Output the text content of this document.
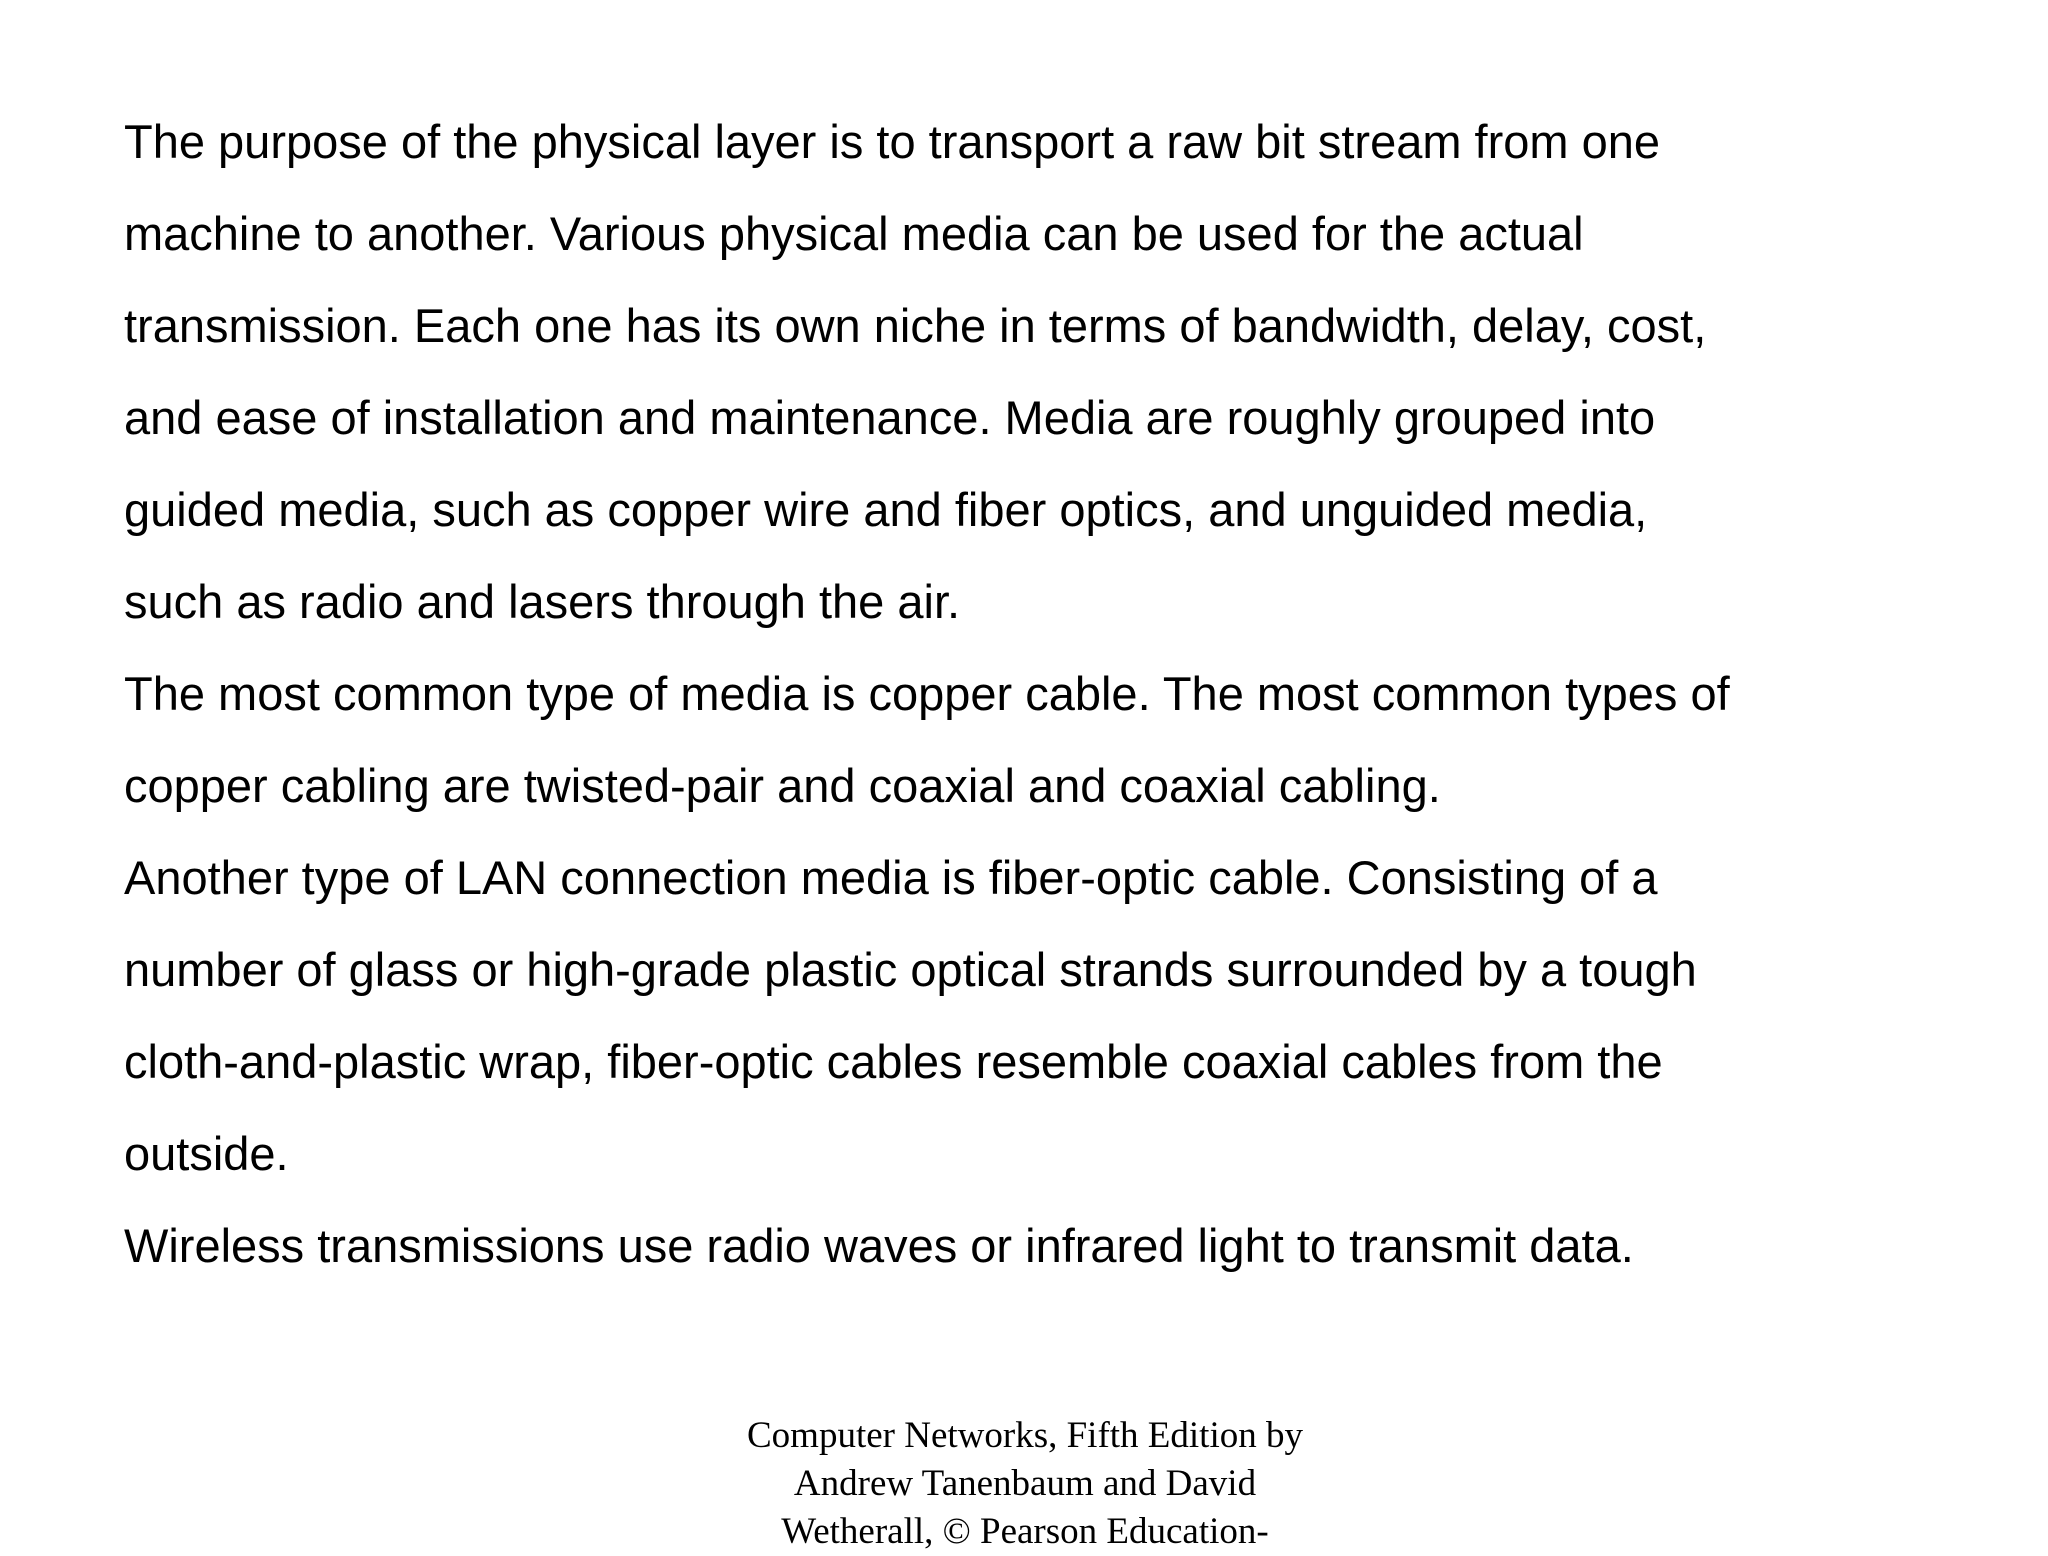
The purpose of the physical layer is to transport a raw bit stream from one

machine to another. Various physical media can be used for the actual

transmission. Each one has its own niche in terms of bandwidth, delay, cost,

and ease of installation and maintenance. Media are roughly grouped into

guided media, such as copper wire and fiber optics, and unguided media,

such as radio and lasers through the air.

The most common type of media is copper cable. The most common types of

copper cabling are twisted-pair and coaxial and coaxial cabling.

Another type of LAN connection media is fiber-optic cable. Consisting of a

number of glass or high-grade plastic optical strands surrounded by a tough

cloth-and-plastic wrap, fiber-optic cables resemble coaxial cables from the

outside.

Wireless transmissions use radio waves or infrared light to transmit data.

Computer Networks, Fifth Edition by
Andrew Tanenbaum and David
Wetherall, © Pearson Education-
